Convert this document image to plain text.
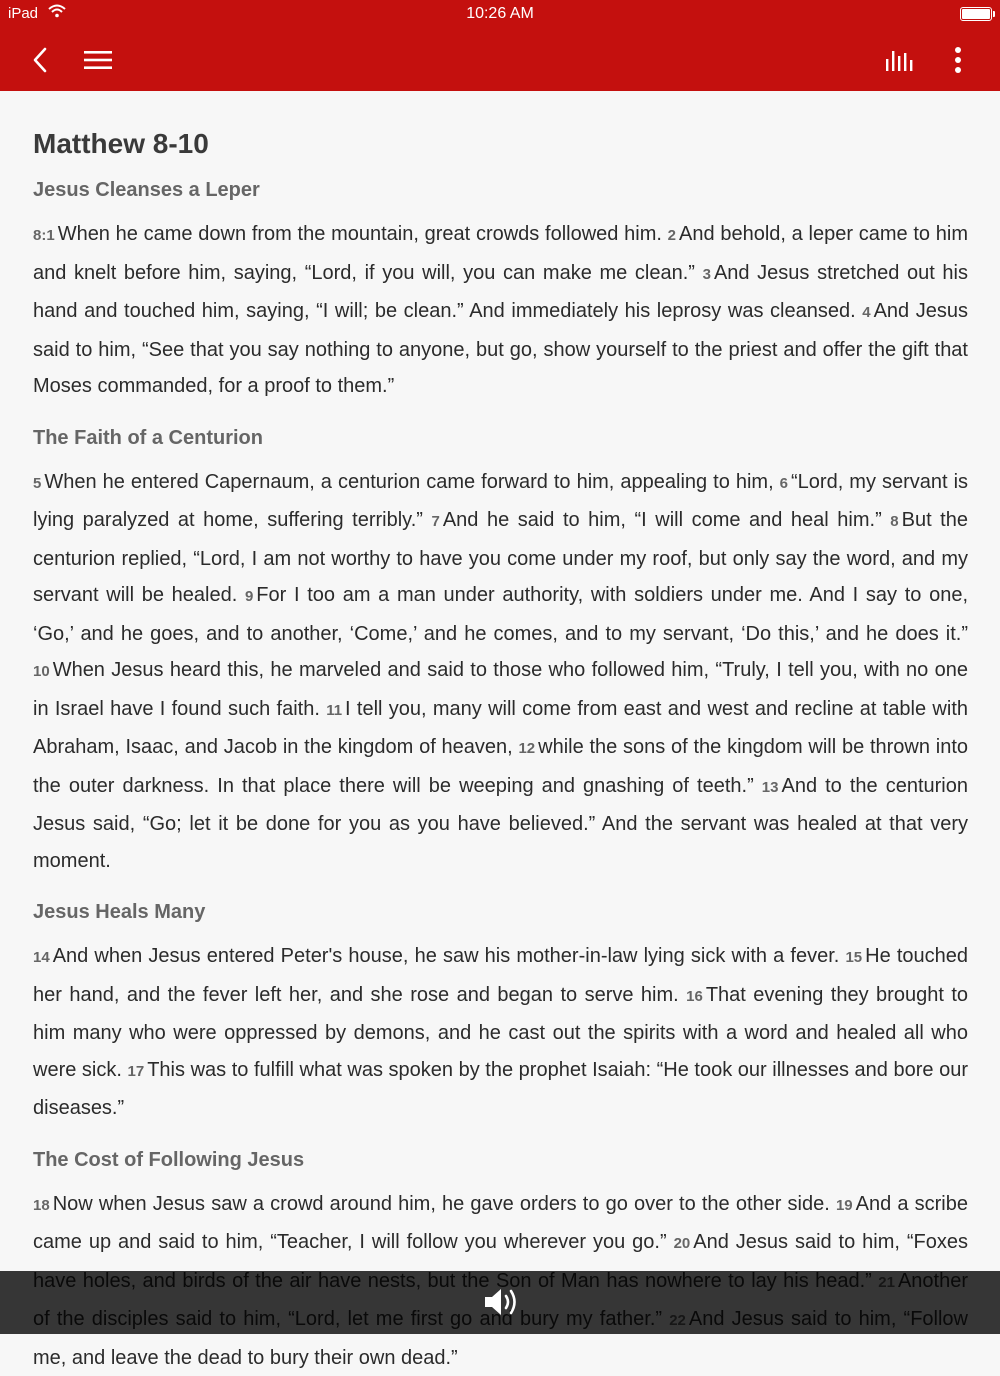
iPad	10:26 AM
Matthew 8-10
Jesus Cleanses a Leper

8:1 When he came down from the mountain, great crowds followed him. 2 And behold, a leper came to him and knelt before him, saying, “Lord, if you will, you can make me clean.” 3 And Jesus stretched out his hand and touched him, saying, “I will; be clean.” And immediately his leprosy was cleansed. 4 And Jesus said to him, “See that you say nothing to anyone, but go, show yourself to the priest and offer the gift that Moses commanded, for a proof to them.”

The Faith of a Centurion

5 When he entered Capernaum, a centurion came forward to him, appealing to him, 6 “Lord, my servant is lying paralyzed at home, suffering terribly.” 7 And he said to him, “I will come and heal him.” 8 But the centurion replied, “Lord, I am not worthy to have you come under my roof, but only say the word, and my servant will be healed. 9 For I too am a man under authority, with soldiers under me. And I say to one, ‘Go,’ and he goes, and to another, ‘Come,’ and he comes, and to my servant, ‘Do this,’ and he does it.” 10 When Jesus heard this, he marveled and said to those who followed him, “Truly, I tell you, with no one in Israel have I found such faith. 11 I tell you, many will come from east and west and recline at table with Abraham, Isaac, and Jacob in the kingdom of heaven, 12 while the sons of the kingdom will be thrown into the outer darkness. In that place there will be weeping and gnashing of teeth.” 13 And to the centurion Jesus said, “Go; let it be done for you as you have believed.” And the servant was healed at that very moment.

Jesus Heals Many

14 And when Jesus entered Peter's house, he saw his mother-in-law lying sick with a fever. 15 He touched her hand, and the fever left her, and she rose and began to serve him. 16 That evening they brought to him many who were oppressed by demons, and he cast out the spirits with a word and healed all who were sick. 17 This was to fulfill what was spoken by the prophet Isaiah: “He took our illnesses and bore our diseases.”

The Cost of Following Jesus

18 Now when Jesus saw a crowd around him, he gave orders to go over to the other side. 19 And a scribe came up and said to him, “Teacher, I will follow you wherever you go.” 20 And Jesus said to him, “Foxes me, and leave the dead to bury their own dead.”
